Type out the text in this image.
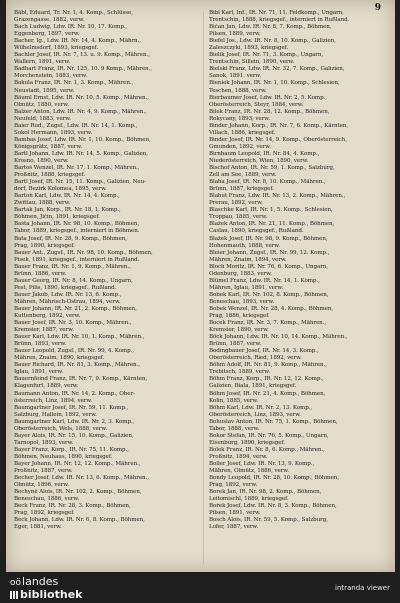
9
Bäbl, Eduard, Tr. Nr. 1, 4. Komp., Schlüsse,
Grazengasse, 1882, verw.
Bach Ludwig, Ldw. IR. Nr. 10, 17. Komp.,
Eggenberg, 1897, verw.
Bacher, Ig., Ldw. IR. Nr. 14, 4. Komp., Mährn.,
Wilhelmsdorf, 1893, kriegsgef.
Bachler Josef, IR. Nr. 7, 13. u. 9. Komp., Mähren.,
Wallern, 1891, verw.
Badhart Franz, IR. Nr. 125, 10. 9 Komp., Mähren.,
Morchenstein, 1883, verw.
Bakula Franz, IR. Nr. 1, 3. Komp., Mähren.,
Neustadt, 1895, verw.
Bäuml Ernst, Ldw. IR. Nr. 10, 5. Komp., Mähren.,
Olmütz, 1880, verw.
Balzer Anton, Ldw. IR. Nr. 4, 9. Komp., Mähren.,
Neufeld, 1883, verw.
Baier Rud., Zugsf., Ldw. IR. Nr. 14, 1. Komp.,
Sokol Hermann, 1893, verw.
Bambas Josef, Ldw. IR. Nr. 1, 10. Komp., Böhmen,
Königsgrätz, 1887, verw.
Bartl Johann, Ldw. IR. Nr. 14, 5. Komp., Galizien,
Krosno, 1890, verw.
Bartoš Wenzel, IR. Nr. 17, 1. Komp., Mähren.,
Proßnitz, 1888, kriegsgef.
Bartl Josef, IR. Nr. 15, 11. Komp., Galizien, Neu-
dorf, Bezirk Kolomea, 1895, verw.
Bartoň Karl, Ldw. IR. Nr. 14, 4. Komp.,
Zwittau, 1888, verw.
Barták Jan, Korp., IR. Nr. 18, 1. Komp.,
Böhmen, Jičín, 1891, kriegsgef.
Bašta Johann, IR. Nr. 98, 10. Komp., Böhmen,
Tábor, 1889, kriegsgef., interniert in Böhmen.
Baťa Josef, IR. Nr. 28, 9. Komp., Böhmen,
Prag, 1890, kriegsgef.
Bauer Ant., Zugsf., IR. Nr. 98, 10. Komp., Böhmen,
Pisek, 1891, kriegsgef., interniert in Rußland.
Bauer Franz, IR. Nr. 1, 9. Komp., Mähren.,
Brünn, 1886, verw.
Bauer Georg, IR. Nr. 8, 14. Komp., Ungarn,
Pest, Pilis, 1890, kriegsgef., Rußland.
Bauer Jakob, Ldw. IR. Nr. 13, 6. Komp.,
Mähren, Mährisch-Ostrau, 1894, verw.
Bauer Johann, IR. Nr. 21, 2. Komp., Böhmen,
Kuttenberg, 1892, verw.
Bauer Josef, IR. Nr. 3, 10. Komp., Mähren.,
Kremsier, 1887, verw.
Bauer Karl, Ldw. IR. Nr. 10, 1. Komp., Mähren.,
Brünn, 1893, verw.
Bauer Leopold, Zugsf., IR. Nr. 99, 4. Komp.,
Mähren, Znaim, 1890, kriegsgef.
Bauer Richard, IR. Nr. 81, 3. Komp., Mähren.,
Iglau, 1891, verw.
Bauernfeind Franz, IR. Nr. 7, 9. Komp., Kärnten,
Klagenfurt, 1889, verw.
Baumann Anton, IR. Nr. 14, 2. Komp., Ober-
österreich, Linz, 1894, verw.
Baumgartner Josef, IR. Nr. 59, 11. Komp.,
Salzburg, Hallein, 1892, verw.
Baumgartner Karl, Ldw. IR. Nr. 2, 3. Komp.,
Oberösterreich, Wels, 1888, verw.
Bayer Alois, IR. Nr. 15, 10. Komp., Galizien,
Tarnopol, 1893, verw.
Bayer Franz, Korp., IR. Nr. 75, 11. Komp.,
Böhmen, Neuhaus, 1890, kriegsgef.
Bayer Johann, IR. Nr. 12, 12. Komp., Mähren.,
Proßnitz, 1887, verw.
Becher Josef, Ldw. IR. Nr. 13, 6. Komp., Mähren.,
Olmütz, 1896, verw.
Bechyně Alois, IR. Nr. 102, 2. Komp., Böhmen,
Beneschau, 1886, verw.
Beck Franz, IR. Nr. 28, 3. Komp., Böhmen,
Prag, 1892, kriegsgef.
Beck Johann, Ldw. IR. Nr. 6, 8. Komp., Böhmen,
Eger, 1881, verw.
Bibl Karl, Inf., IR. Nr. 71, 11. Feldkomp., Ungarn,
Trentschin, 1888, kriegsgef., interniert in Rußland.
Bičan Jan, Ldw. IR. Nr. 8, 7. Komp., Böhmen,
Pilsen, 1889, verw.
Biefel Jos., Ldw. IR. Nr. 8, 10. Komp., Galizien,
Zaleszczyki, 1893, kriegsgef.
Bielik Josef, IR. Nr. 71, 3. Komp., Ungarn,
Trentschin, Sillein, 1890, verw.
Bielski Franz, Ldw. IR. Nr. 32, 7. Komp., Galizien,
Sanok, 1891, verw.
Bieniek Johann, IR. Nr. 1, 10. Komp., Schlesien,
Teschen, 1888, verw.
Bierbaumer Josef, Ldw. IR. Nr. 2, 5. Komp.,
Oberösterreich, Steyr, 1884, verw.
Bilek Franz, IR. Nr. 28, 12. Komp., Böhmen,
Rokycany, 1893, verw.
Binder Johann, Korp., IR. Nr. 7, 6. Komp., Kärnten,
Villach, 1886, kriegsgef.
Binder Josef, IR. Nr. 14, 9. Komp., Oberösterreich,
Gmunden, 1892, verw.
Birnbaum Leopold, IR. Nr. 84, 4. Komp.,
Niederösterreich, Wien, 1890, verw.
Bischof Anton, IR. Nr. 59, 1. Komp., Salzburg,
Zell am See, 1889, verw.
Blaha Josef, IR. Nr. 8, 10. Komp., Mähren.,
Brünn, 1887, kriegsgef.
Blahut Franz, Ldw. IR. Nr. 13, 2. Komp., Mähren.,
Prerau, 1892, verw.
Blaschke Karl, IR. Nr. 1, 5. Komp., Schlesien,
Troppau, 1885, verw.
Blažek Anton, IR. Nr. 21, 11. Komp., Böhmen,
Časlau, 1890, kriegsgef., Rußland.
Blažek Josef, IR. Nr. 98, 9. Komp., Böhmen,
Hohenmauth, 1888, verw.
Bleier Johann, Zugsf., IR. Nr. 99, 12. Komp.,
Mähren, Znaim, 1894, verw.
Bloch Moritz, IR. Nr. 76, 6. Komp., Ungarn,
Ödenburg, 1883, verw.
Blümel Franz, Ldw. IR. Nr. 14, 1. Komp.,
Mähren, Iglau, 1891, verw.
Bobek Karl, IR. Nr. 102, 8. Komp., Böhmen,
Beneschau, 1893, verw.
Bobek Wenzel, IR. Nr. 28, 4. Komp., Böhmen,
Prag, 1886, kriegsgef.
Bocek Franz, IR. Nr. 3, 7. Komp., Mähren.,
Kremsier, 1890, verw.
Böck Johann, Ldw. IR. Nr. 10, 14. Komp., Mähren.,
Brünn, 1887, verw.
Bodingbauer Josef, IR. Nr. 14, 3. Komp.,
Oberösterreich, Ried, 1892, verw.
Böhm Adolf, IR. Nr. 81, 9. Komp., Mähren.,
Trebitsch, 1889, verw.
Böhm Franz, Korp., IR. Nr. 12, 12. Komp.,
Galizien, Biala, 1891, kriegsgef.
Böhm Josef, IR. Nr. 21, 4. Komp., Böhmen,
Kolin, 1885, verw.
Böhm Karl, Ldw. IR. Nr. 2, 13. Komp.,
Oberösterreich, Linz, 1893, verw.
Bohuslav Anton, IR. Nr. 75, 1. Komp., Böhmen,
Tábor, 1888, verw.
Bokor Stefan, IR. Nr. 76, 5. Komp., Ungarn,
Eisenburg, 1890, kriegsgef.
Bolek Franz, IR. Nr. 8, 6. Komp., Mähren.,
Proßnitz, 1894, verw.
Boller Josef, Ldw. IR. Nr. 13, 9. Komp.,
Mähren, Olmütz, 1886, verw.
Bondy Leopold, IR. Nr. 28, 10. Komp., Böhmen,
Prag, 1892, verw.
Borek Jan, IR. Nr. 98, 2. Komp., Böhmen,
Leitomischl, 1889, kriegsgef.
Bořek Josef, Ldw. IR. Nr. 8, 3. Komp., Böhmen,
Pilsen, 1891, verw.
Bosch Alois, IR. Nr. 59, 5. Komp., Salzburg,
Lofer, 1887, verw.
oö landes
bibliothek	intranda viewer
